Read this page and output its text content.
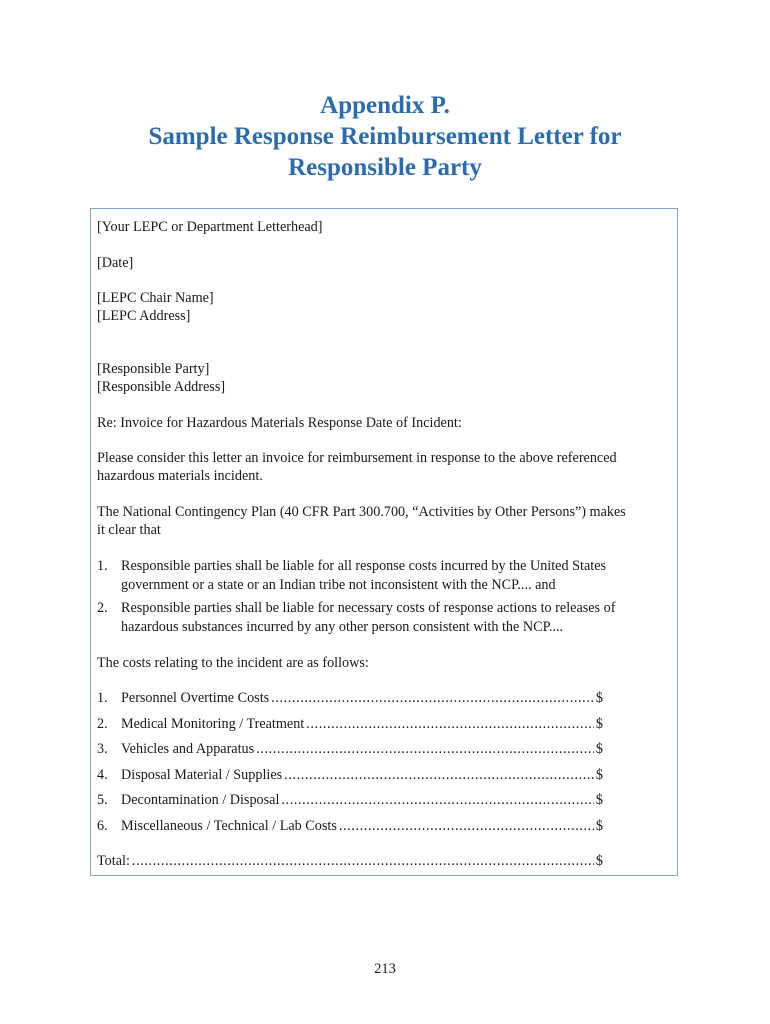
Appendix P.
Sample Response Reimbursement Letter for
Responsible Party
[Your LEPC or Department Letterhead]
[Date]
[LEPC Chair Name]
[LEPC Address]
[Responsible Party]
[Responsible Address]
Re: Invoice for Hazardous Materials Response Date of Incident:
Please consider this letter an invoice for reimbursement in response to the above referenced
hazardous materials incident.
The National Contingency Plan (40 CFR Part 300.700, “Activities by Other Persons”) makes
it clear that
1. Responsible parties shall be liable for all response costs incurred by the United States
government or a state or an Indian tribe not inconsistent with the NCP.... and
2. Responsible parties shall be liable for necessary costs of response actions to releases of
hazardous substances incurred by any other person consistent with the NCP....
The costs relating to the incident are as follows:
1. Personnel Overtime Costs .....	$
2. Medical Monitoring / Treatment .....	$
3. Vehicles and Apparatus .....	$
4. Disposal Material / Supplies .....	$
5. Decontamination / Disposal .....	$
6. Miscellaneous / Technical / Lab Costs .....	$
Total: .....	$
213
